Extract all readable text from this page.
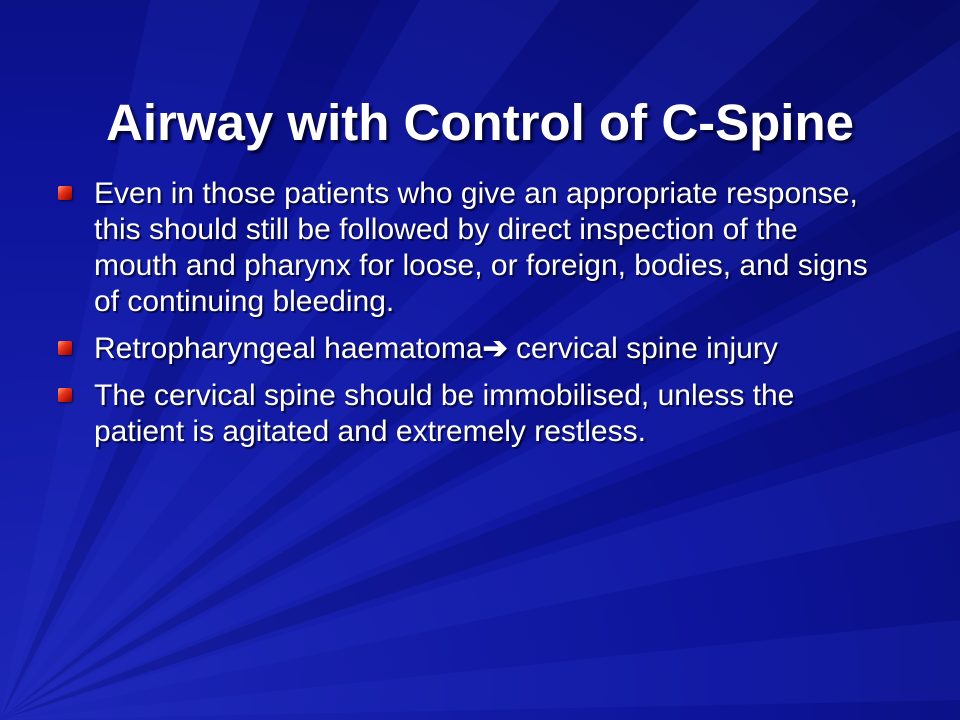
Airway with Control of C-Spine
Even in those patients who give an appropriate response, this should still be followed by direct inspection of the mouth and pharynx for loose, or foreign, bodies, and signs of continuing bleeding.
Retropharyngeal haematoma➔ cervical spine injury
The cervical spine should be immobilised, unless the patient is agitated and extremely restless.
